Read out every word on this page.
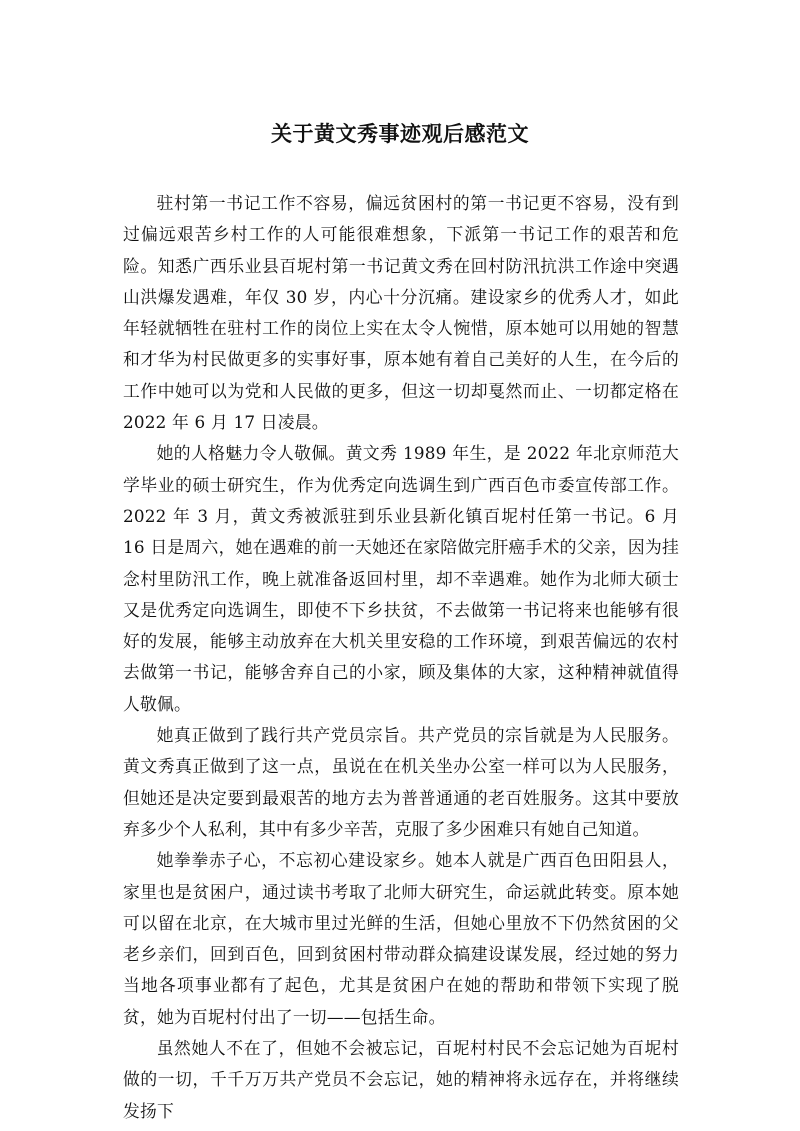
关于黄文秀事迹观后感范文

驻村第一书记工作不容易，偏远贫困村的第一书记更不容易，没有到过偏远艰苦乡村工作的人可能很难想象，下派第一书记工作的艰苦和危险。知悉广西乐业县百坭村第一书记黄文秀在回村防汛抗洪工作途中突遇山洪爆发遇难，年仅 30 岁，内心十分沉痛。建设家乡的优秀人才，如此年轻就牺牲在驻村工作的岗位上实在太令人惋惜，原本她可以用她的智慧和才华为村民做更多的实事好事，原本她有着自己美好的人生，在今后的工作中她可以为党和人民做的更多，但这一切却戛然而止、一切都定格在 2022 年 6 月 17 日凌晨。

她的人格魅力令人敬佩。黄文秀 1989 年生，是 2022 年北京师范大学毕业的硕士研究生，作为优秀定向选调生到广西百色市委宣传部工作。2022 年 3 月，黄文秀被派驻到乐业县新化镇百坭村任第一书记。6 月 16 日是周六，她在遇难的前一天她还在家陪做完肝癌手术的父亲，因为挂念村里防汛工作，晚上就准备返回村里，却不幸遇难。她作为北师大硕士又是优秀定向选调生，即使不下乡扶贫，不去做第一书记将来也能够有很好的发展，能够主动放弃在大机关里安稳的工作环境，到艰苦偏远的农村去做第一书记，能够舍弃自己的小家，顾及集体的大家，这种精神就值得人敬佩。

她真正做到了践行共产党员宗旨。共产党员的宗旨就是为人民服务。黄文秀真正做到了这一点，虽说在在机关坐办公室一样可以为人民服务，但她还是决定要到最艰苦的地方去为普普通通的老百姓服务。这其中要放弃多少个人私利，其中有多少辛苦，克服了多少困难只有她自己知道。

她拳拳赤子心，不忘初心建设家乡。她本人就是广西百色田阳县人，家里也是贫困户，通过读书考取了北师大研究生，命运就此转变。原本她可以留在北京，在大城市里过光鲜的生活，但她心里放不下仍然贫困的父老乡亲们，回到百色，回到贫困村带动群众搞建设谋发展，经过她的努力当地各项事业都有了起色，尤其是贫困户在她的帮助和带领下实现了脱贫，她为百坭村付出了一切——包括生命。

虽然她人不在了，但她不会被忘记，百坭村村民不会忘记她为百坭村做的一切，千千万万共产党员不会忘记，她的精神将永远存在，并将继续发扬下
